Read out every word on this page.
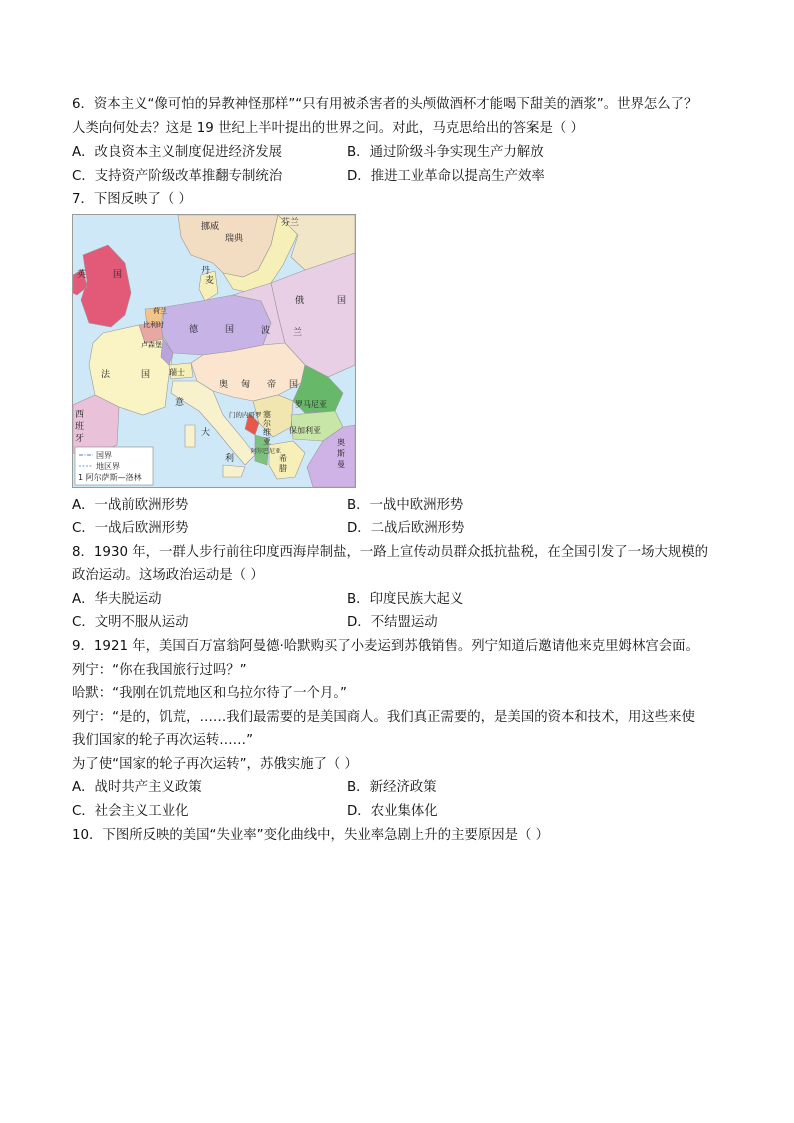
6．资本主义“像可怕的异教神怪那样”“只有用被杀害者的头颅做酒杯才能喝下甜美的酒浆”。世界怎么了？
人类向何处去？这是 19 世纪上半叶提出的世界之问。对此，马克思给出的答案是（ ）
A．改良资本主义制度促进经济发展	B．通过阶级斗争实现生产力解放
C．支持资产阶级改革推翻专制统治	D．推进工业革命以提高生产效率
7．下图反映了（ ）
挪威
瑞典
芬兰
英	国	丹
麦
俄	国
德	国	波	兰
荷兰
比利时
卢森堡
法	国 瑞士
奥 匈 帝 国
罗马尼亚
保加利亚
塞
尔
维
亚
门的内哥罗
阿尔巴尼亚
希
腊
意
大
利
西
班
牙	奥
斯
曼
国界
地区界
1 阿尔萨斯—洛林
A．一战前欧洲形势	B．一战中欧洲形势
C．一战后欧洲形势	D．二战后欧洲形势
8．1930 年，一群人步行前往印度西海岸制盐，一路上宣传动员群众抵抗盐税，在全国引发了一场大规模的
政治运动。这场政治运动是（ ）
A．华夫脱运动	B．印度民族大起义
C．文明不服从运动	D．不结盟运动
9．1921 年，美国百万富翁阿曼德·哈默购买了小麦运到苏俄销售。列宁知道后邀请他来克里姆林宫会面。
列宁：“你在我国旅行过吗？”
哈默：“我刚在饥荒地区和乌拉尔待了一个月。”
列宁：“是的，饥荒，……我们最需要的是美国商人。我们真正需要的，是美国的资本和技术，用这些来使
我们国家的轮子再次运转……”
为了使“国家的轮子再次运转”，苏俄实施了（ ）
A．战时共产主义政策	B．新经济政策
C．社会主义工业化	D．农业集体化
10．下图所反映的美国“失业率”变化曲线中，失业率急剧上升的主要原因是（ ）
